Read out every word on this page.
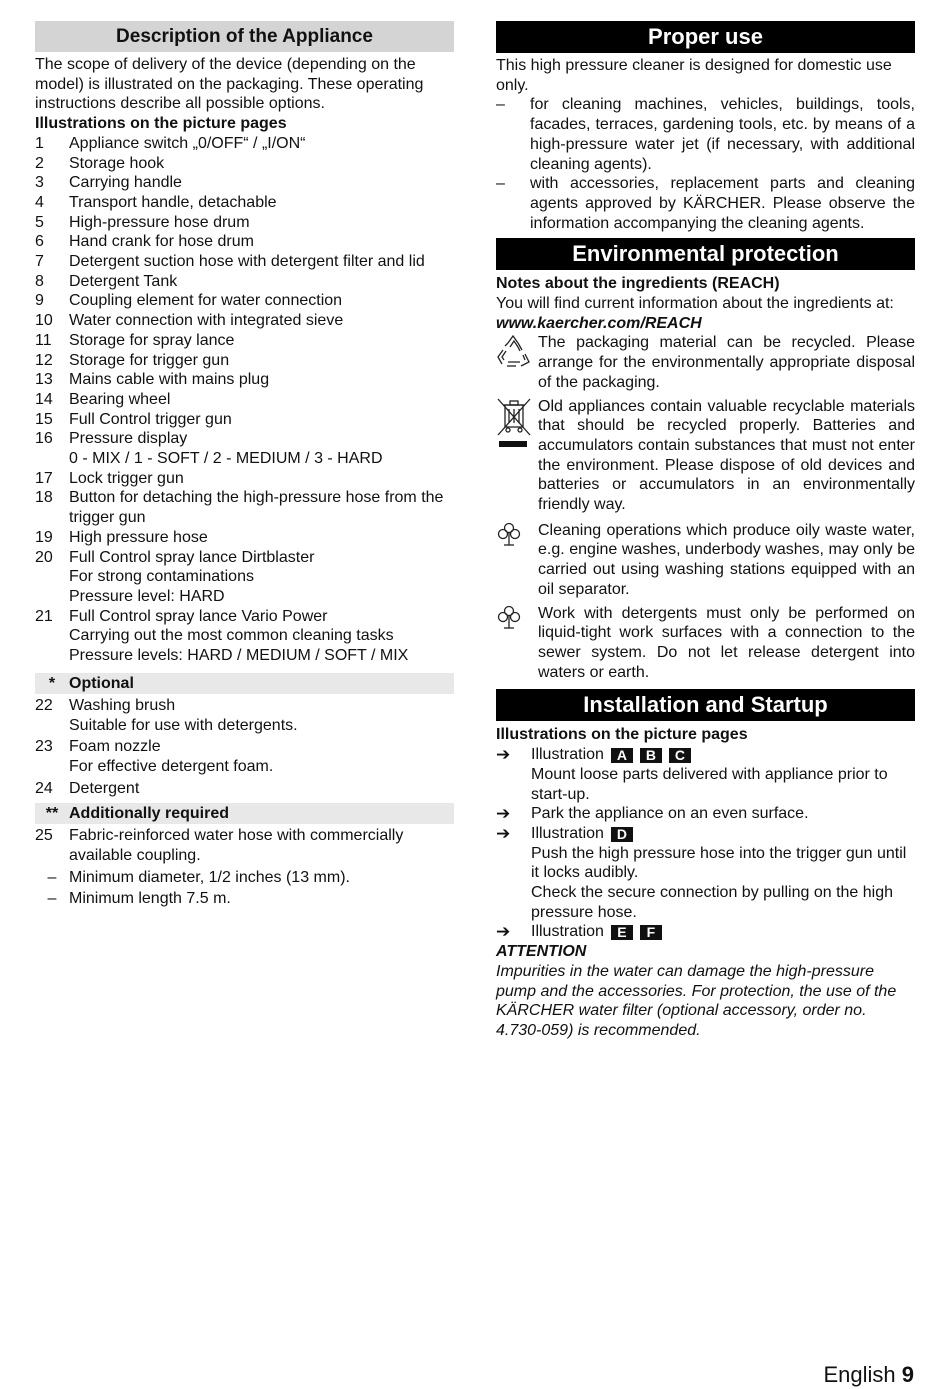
Description of the Appliance

The scope of delivery of the device (depending on the model) is illustrated on the packaging. These operating instructions describe all possible options.

Illustrations on the picture pages

1	Appliance switch „0/OFF“ / „I/ON“
2	Storage hook
3	Carrying handle
4	Transport handle, detachable
5	High-pressure hose drum
6	Hand crank for hose drum
7	Detergent suction hose with detergent filter and lid
8	Detergent Tank
9	Coupling element for water connection
10	Water connection with integrated sieve
11	Storage for spray lance
12	Storage for trigger gun
13	Mains cable with mains plug
14	Bearing wheel
15	Full Control trigger gun
16	Pressure display
0 - MIX / 1 - SOFT / 2 - MEDIUM / 3 - HARD
17	Lock trigger gun
18	Button for detaching the high-pressure hose from the trigger gun
19	High pressure hose
20	Full Control spray lance Dirtblaster
For strong contaminations
Pressure level: HARD
21	Full Control spray lance Vario Power
Carrying out the most common cleaning tasks
Pressure levels: HARD / MEDIUM / SOFT / MIX
* Optional
22	Washing brush
Suitable for use with detergents.
23	Foam nozzle
For effective detergent foam.
24	Detergent
** Additionally required
25	Fabric-reinforced water hose with commercially available coupling.
– Minimum diameter, 1/2 inches (13 mm).
– Minimum length 7.5 m.
Proper use

This high pressure cleaner is designed for domestic use only.

–	for cleaning machines, vehicles, buildings, tools, facades, terraces, gardening tools, etc. by means of a high-pressure water jet (if necessary, with additional cleaning agents).
–	with accessories, replacement parts and cleaning agents approved by KÄRCHER. Please observe the information accompanying the cleaning agents.
Environmental protection

Notes about the ingredients (REACH)

You will find current information about the ingredients at:

www.kaercher.com/REACH

The packaging material can be recycled. Please arrange for the environmentally appropriate disposal of the packaging.
Old appliances contain valuable recyclable materials that should be recycled properly. Batteries and accumulators contain substances that must not enter the environment. Please dispose of old devices and batteries or accumulators in an environmentally friendly way.
Cleaning operations which produce oily waste water, e.g. engine washes, underbody washes, may only be carried out using washing stations equipped with an oil separator.
Work with detergents must only be performed on liquid-tight work surfaces with a connection to the sewer system. Do not let release detergent into waters or earth.
Installation and Startup

Illustrations on the picture pages

➔	Illustration A B C
Mount loose parts delivered with appliance prior to start-up.
➔	Park the appliance on an even surface.
➔	Illustration D
Push the high pressure hose into the trigger gun until it locks audibly.
Check the secure connection by pulling on the high pressure hose.
➔	Illustration E F

ATTENTION

Impurities in the water can damage the high-pressure pump and the accessories. For protection, the use of the KÄRCHER water filter (optional accessory, order no. 4.730-059) is recommended.

English 9
